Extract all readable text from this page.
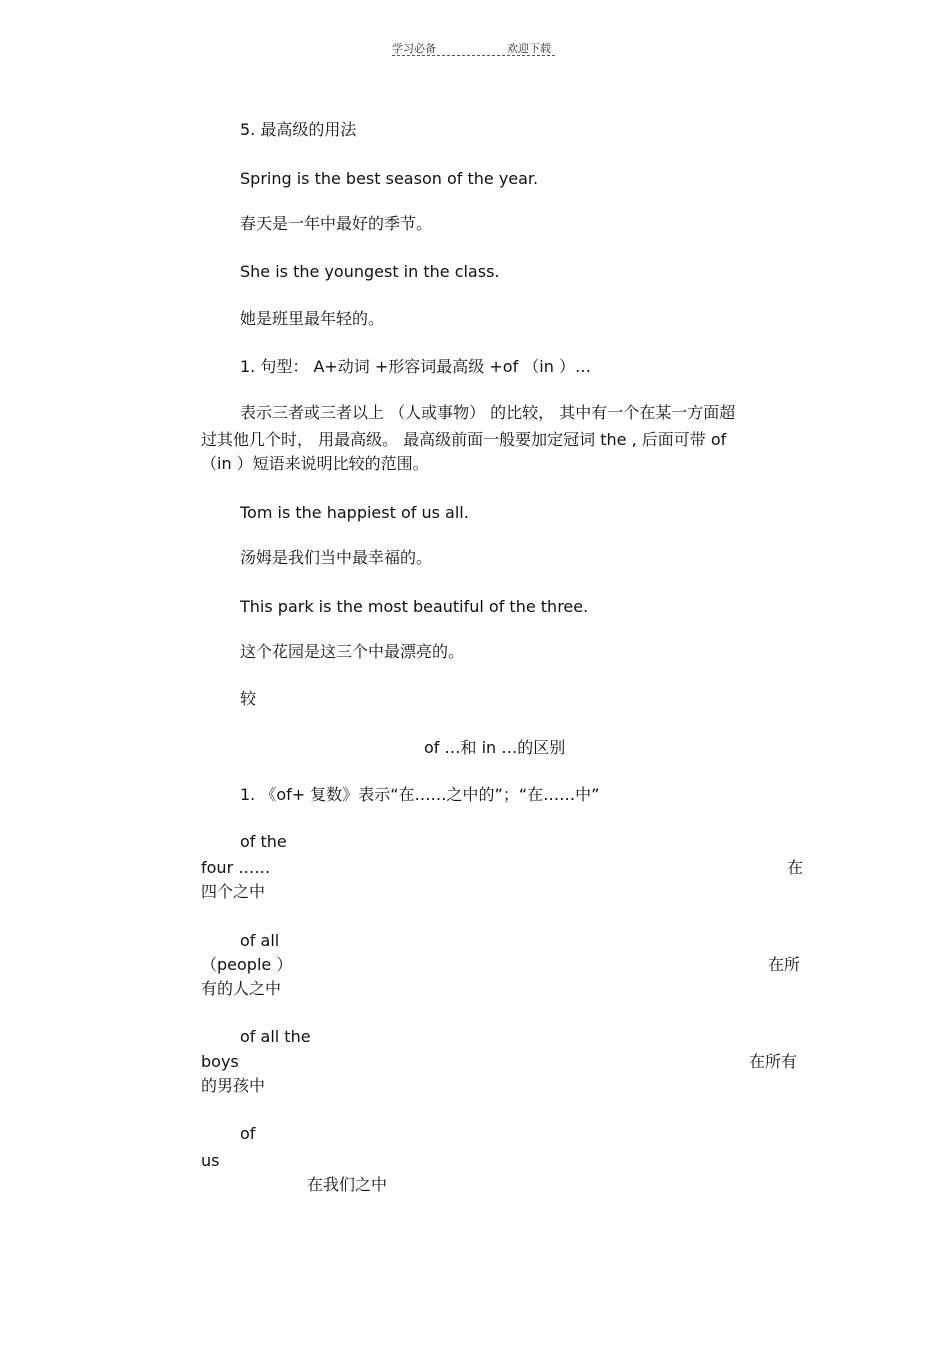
学习必备	欢迎下载
5. 最高级的用法
Spring is the best season of the year.
春天是一年中最好的季节。
She is the youngest in the class.
她是班里最年轻的。
1. 句型： A+动词 +形容词最高级 +of （in ）…
表示三者或三者以上 （人或事物） 的比较， 其中有一个在某一方面超
过其他几个时， 用最高级。 最高级前面一般要加定冠词 the , 后面可带 of
（in ）短语来说明比较的范围。
Tom is the happiest of us all.
汤姆是我们当中最幸福的。
This park is the most beautiful of the three.
这个花园是这三个中最漂亮的。
较
of …和 in …的区别
1. 《of+ 复数》表示“在……之中的”；“在……中”
of the
four ……	在
四个之中
of all
（people ）	在所
有的人之中
of all the
boys	在所有
的男孩中
of
us
在我们之中
